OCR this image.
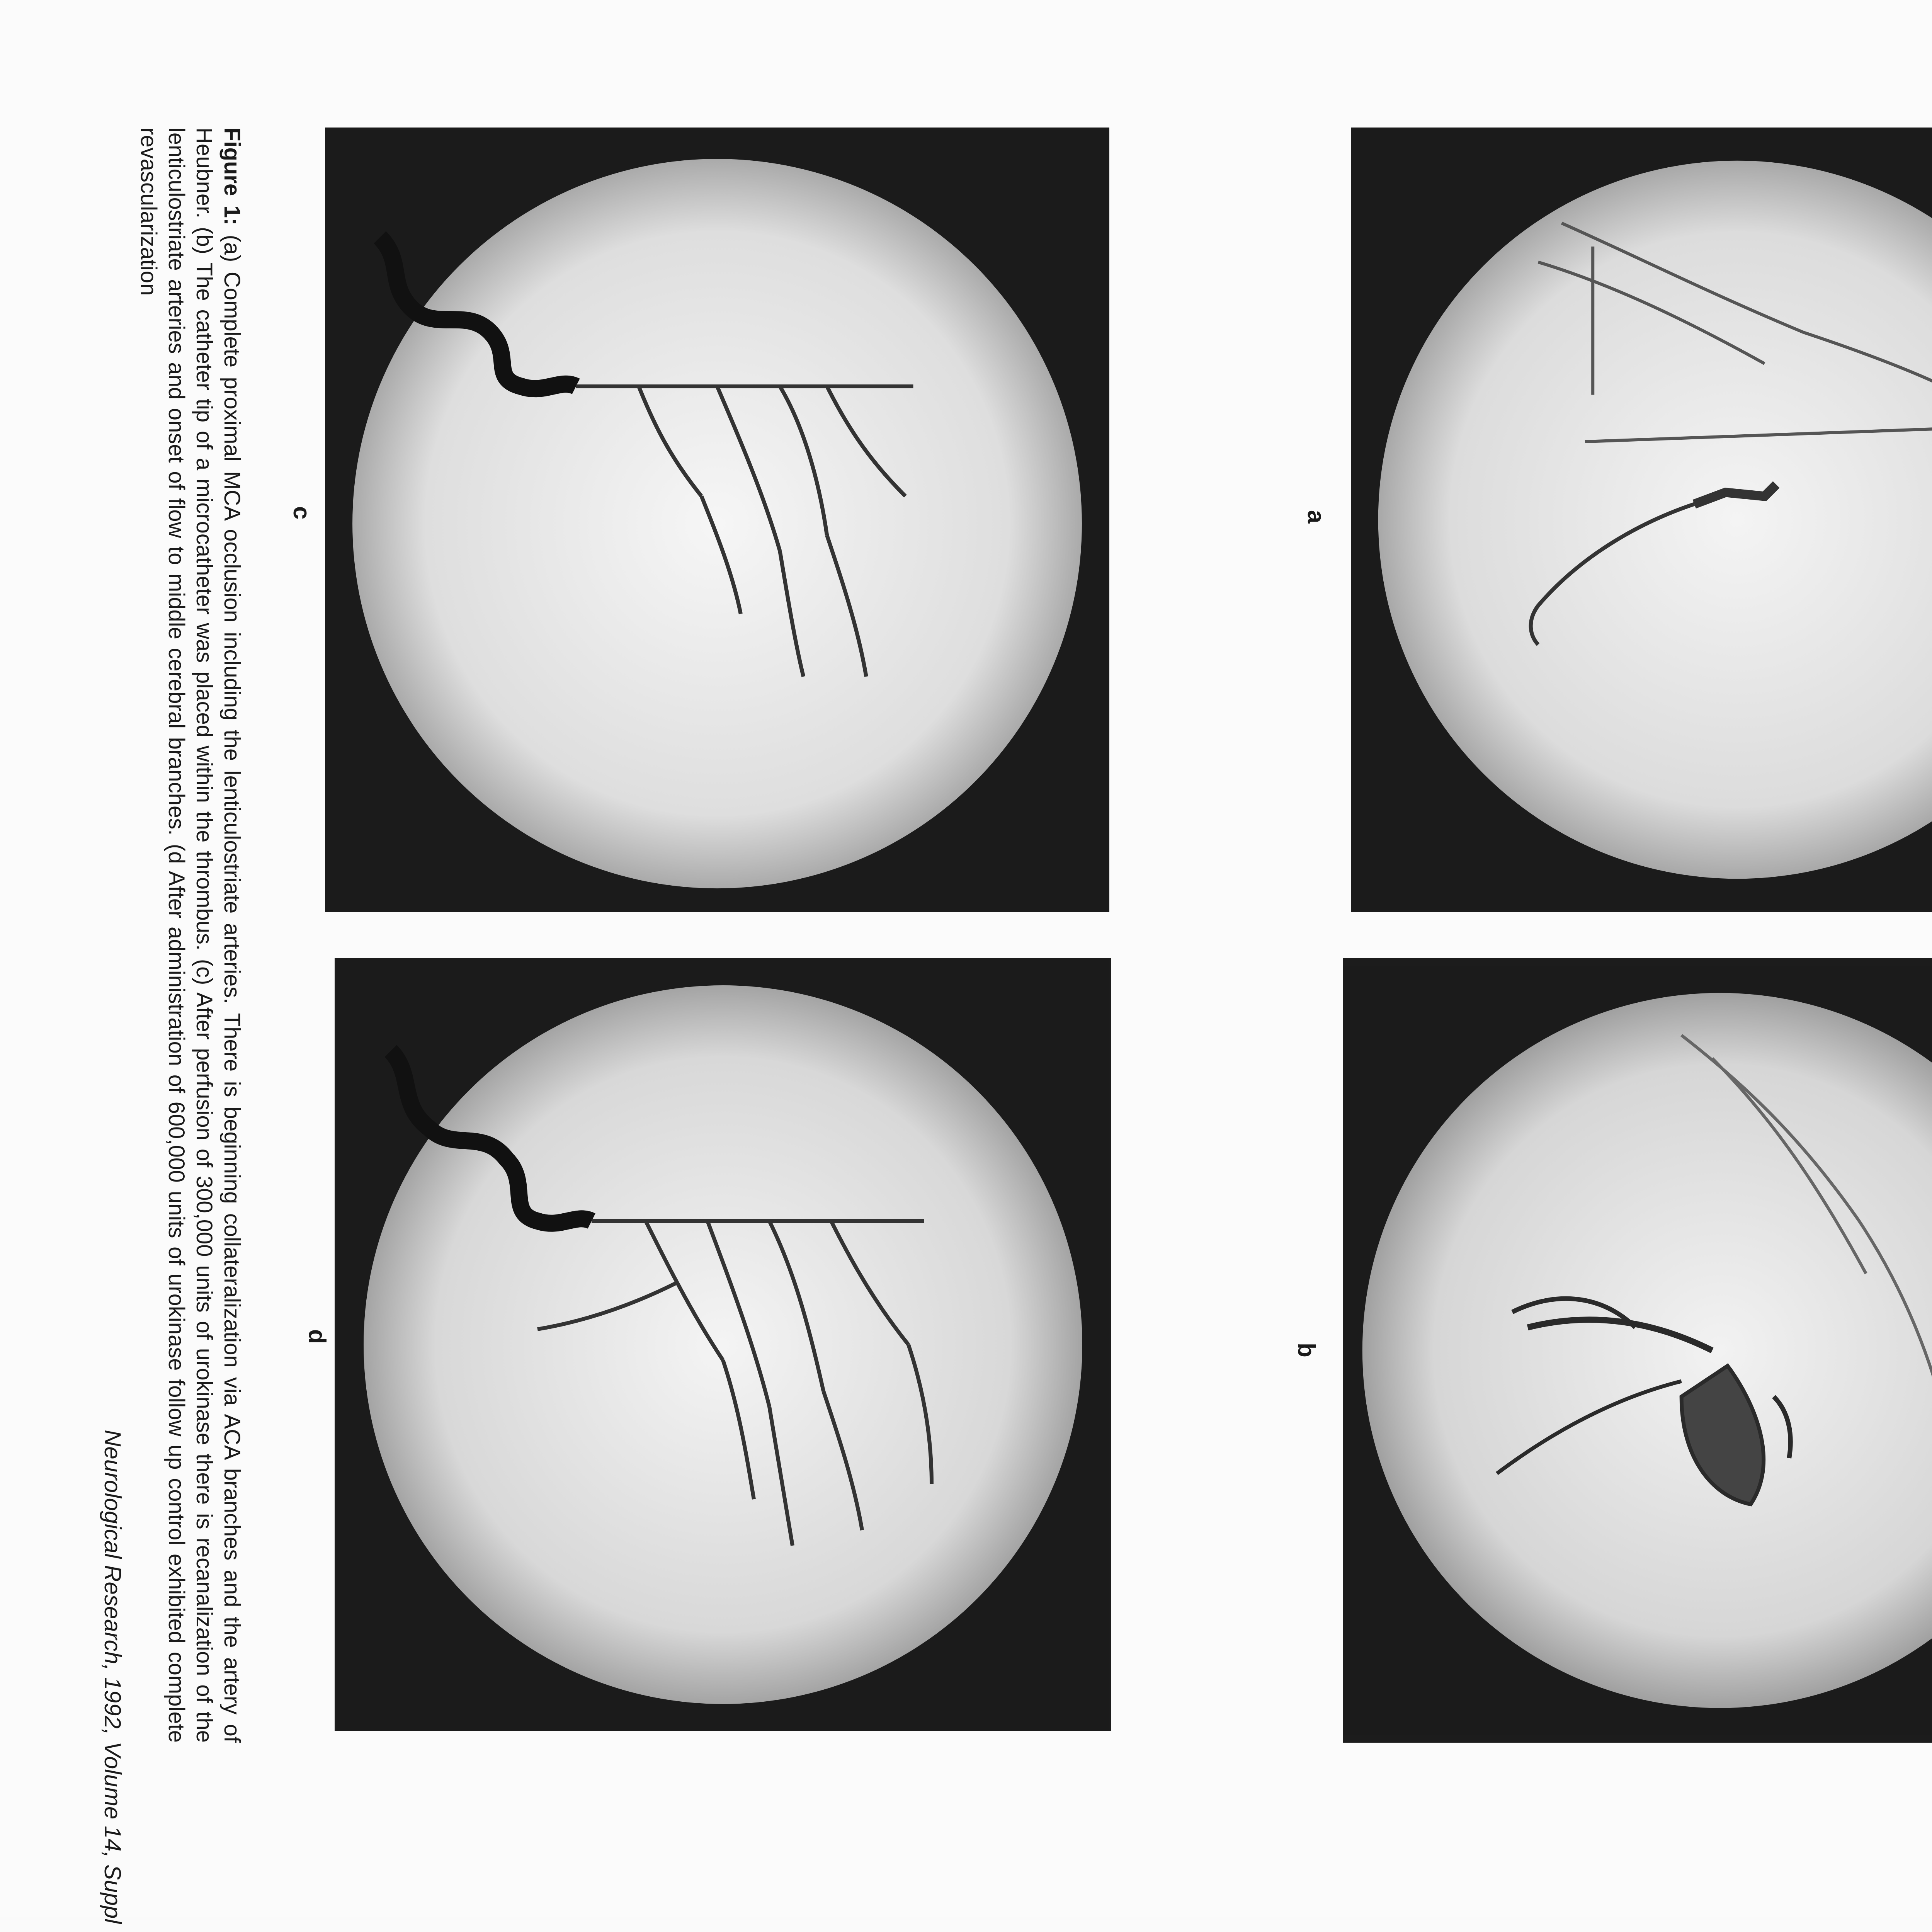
a
b
c
d
Figure 1: (a) Complete proximal MCA occlusion including the lenticulostriate arteries. There is beginning collateralization via ACA branches and the artery of Heubner. (b) The catheter tip of a microcatheter was placed within the thrombus. (c) After perfusion of 300,000 units of urokinase there is recanalization of the lenticulostriate arteries and onset of flow to middle cerebral branches. (d After administration of 600,000 units of urokinase follow up control exhibited complete revascularization
Neurological Research, 1992, Volume 14, Suppl
